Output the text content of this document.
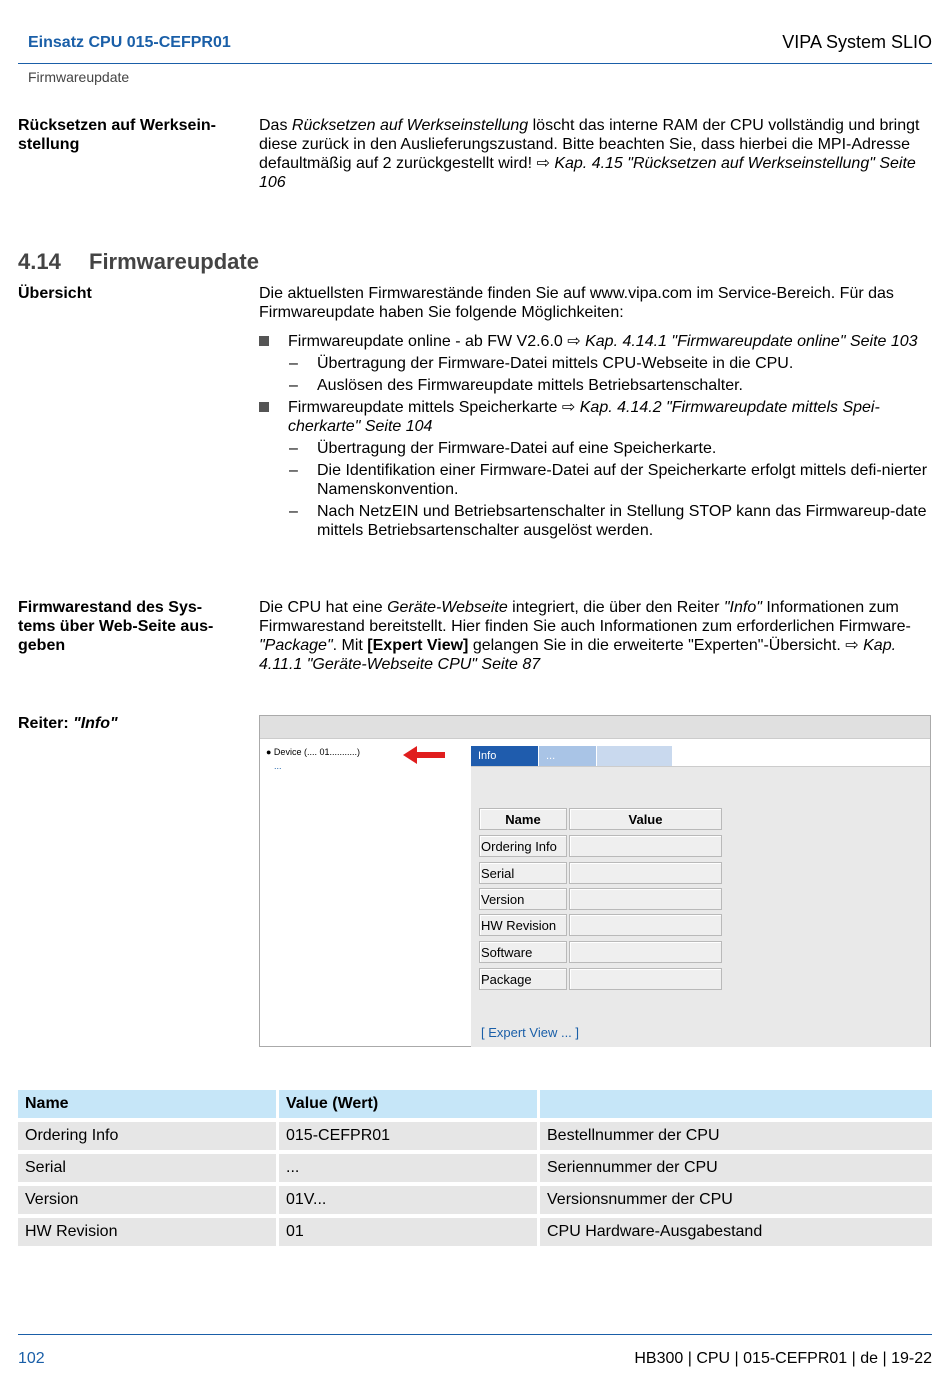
Einsatz CPU 015-CEFPR01	VIPA System SLIO
Firmwareupdate
Rücksetzen auf Werksein-
stellung
Das Rücksetzen auf Werkseinstellung löscht das interne RAM der CPU vollständig und bringt diese zurück in den Auslieferungszustand. Bitte beachten Sie, dass hierbei die MPI-Adresse defaultmäßig auf 2 zurückgestellt wird! ⇨ Kap. 4.15 "Rücksetzen auf Werkseinstellung" Seite 106
4.14 Firmwareupdate
Übersicht	Die aktuellsten Firmwarestände finden Sie auf www.vipa.com im Service-Bereich. Für das Firmwareupdate haben Sie folgende Möglichkeiten:
Firmwareupdate online - ab FW V2.6.0 ⇨ Kap. 4.14.1 "Firmwareupdate online" Seite 103
– Übertragung der Firmware-Datei mittels CPU-Webseite in die CPU.
– Auslösen des Firmwareupdate mittels Betriebsartenschalter.
Firmwareupdate mittels Speicherkarte ⇨ Kap. 4.14.2 "Firmwareupdate mittels Spei-cherkarte" Seite 104
– Übertragung der Firmware-Datei auf eine Speicherkarte.
– Die Identifikation einer Firmware-Datei auf der Speicherkarte erfolgt mittels defi-nierter Namenskonvention.
– Nach NetzEIN und Betriebsartenschalter in Stellung STOP kann das Firmwareup-date mittels Betriebsartenschalter ausgelöst werden.
Firmwarestand des Sys-
tems über Web-Seite aus-
geben
Die CPU hat eine Geräte-Webseite integriert, die über den Reiter "Info" Informationen zum Firmwarestand bereitstellt. Hier finden Sie auch Informationen zum erforderlichen Firmware-"Package". Mit [Expert View] gelangen Sie in die erweiterte "Experten"-Übersicht. ⇨ Kap. 4.11.1 "Geräte-Webseite CPU" Seite 87
Reiter: "Info"
● Device (.... 01...........)
...
Info	...
Name	Value
Ordering Info
Serial
Version
HW Revision
Software
Package
[ Expert View ... ]
Name	Value (Wert)
Ordering Info	015-CEFPR01	Bestellnummer der CPU
Serial	...	Seriennummer der CPU
Version	01V...	Versionsnummer der CPU
HW Revision	01	CPU Hardware-Ausgabestand
102	HB300 | CPU | 015-CEFPR01 | de | 19-22
